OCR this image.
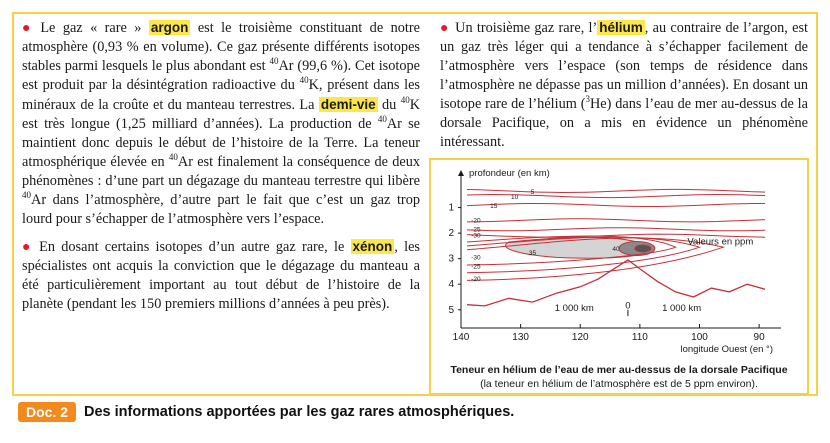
● Le gaz « rare » argon est le troisième constituant de notre atmosphère (0,93 % en volume). Ce gaz présente différents isotopes stables parmi lesquels le plus abondant est $^{40}$Ar (99,6 %). Cet isotope est produit par la désintégration radioactive du $^{40}$K, présent dans les minéraux de la croûte et du manteau terrestres. La demi-vie du $^{40}$K est très longue (1,25 milliard d’années). La production de $^{40}$Ar se maintient donc depuis le début de l’histoire de la Terre. La teneur atmosphérique élevée en $^{40}$Ar est finalement la conséquence de deux phénomènes : d’une part un dégazage du manteau terrestre qui libère $^{40}$Ar dans l’atmosphère, d’autre part le fait que c’est un gaz trop lourd pour s’échapper de l’atmosphère vers l’espace.

● En dosant certains isotopes d’un autre gaz rare, le xénon , les spécialistes ont acquis la conviction que le dégazage du manteau a été particulièrement important au tout début de l’histoire de la planète (pendant les 150 premiers millions d’années à peu près).

● Un troisième gaz rare, l’ hélium , au contraire de l’argon, est un gaz très léger qui a tendance à s’échapper facilement de l’atmosphère vers l’espace (son temps de résidence dans l’atmosphère ne dépasse pas un million d’années). En dosant un isotope rare de l’hélium ($^3$He) dans l’eau de mer au-dessus de la dorsale Pacifique, on a mis en évidence un phénomène intéressant.

1
2
3
4
5
140	130	120	110	100	90
profondeur (en km)
longitude Ouest (en °)
Valeurs en ppm
1 000 km	0	1 000 km
5
10
15
-20
-25
-30
-30
-25
-20
35
40
Teneur en hélium de l’eau de mer au-dessus de la dorsale Pacifique
(la teneur en hélium de l’atmosphère est de 5 ppm environ).
Doc. 2	Des informations apportées par les gaz rares atmosphériques.
